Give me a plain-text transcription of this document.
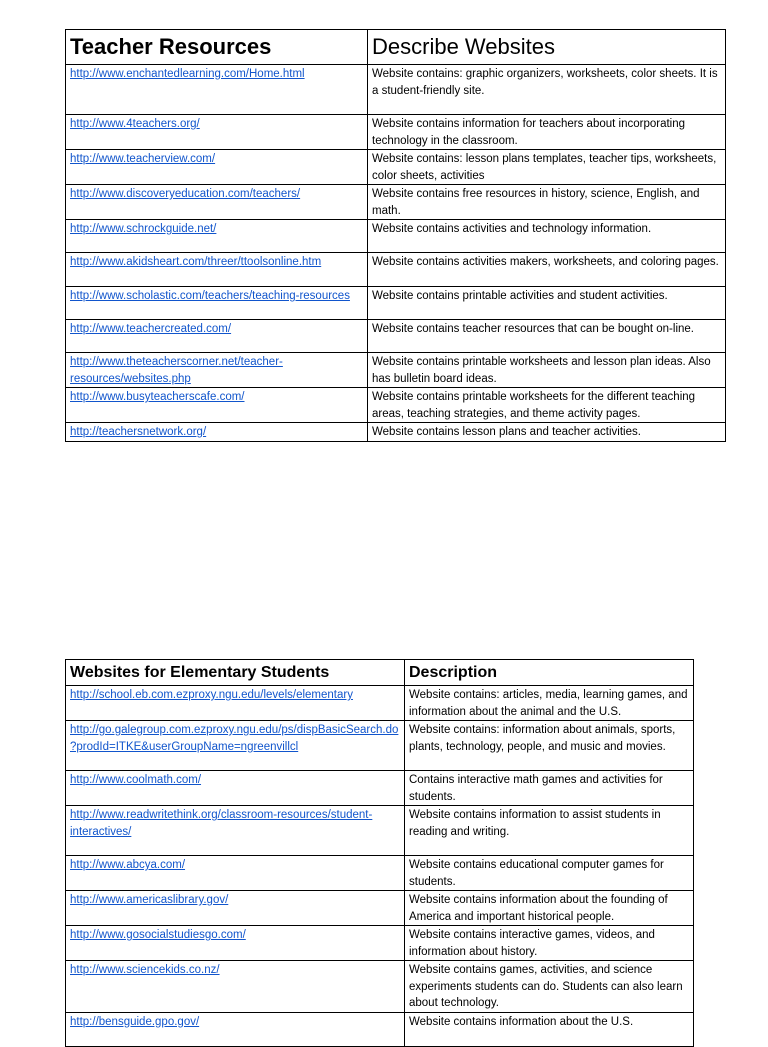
Teacher Resources	Describe Websites
http://www.enchantedlearning.com/Home.html	Website contains: graphic organizers, worksheets, color sheets. It is a student-friendly site.
http://www.4teachers.org/	Website contains information for teachers about incorporating technology in the classroom.
http://www.teacherview.com/	Website contains: lesson plans templates, teacher tips, worksheets, color sheets, activities
http://www.discoveryeducation.com/teachers/	Website contains free resources in history, science, English, and math.
http://www.schrockguide.net/	Website contains activities and technology information.
http://www.akidsheart.com/threer/ttoolsonline.htm	Website contains activities makers, worksheets, and coloring pages.
http://www.scholastic.com/teachers/teaching-resources	Website contains printable activities and student activities.
http://www.teachercreated.com/	Website contains teacher resources that can be bought on-line.
http://www.theteacherscorner.net/teacher-resources/websites.php	Website contains printable worksheets and lesson plan ideas. Also has bulletin board ideas.
http://www.busyteacherscafe.com/	Website contains printable worksheets for the different teaching areas, teaching strategies, and theme activity pages.
http://teachersnetwork.org/	Website contains lesson plans and teacher activities.
Websites for Elementary Students	Description
http://school.eb.com.ezproxy.ngu.edu/levels/elementary	Website contains: articles, media, learning games, and information about the animal and the U.S.
http://go.galegroup.com.ezproxy.ngu.edu/ps/dispBasicSearch.do?prodId=ITKE&userGroupName=ngreenvillcl	Website contains: information about animals, sports, plants, technology, people, and music and movies.
http://www.coolmath.com/	Contains interactive math games and activities for students.
http://www.readwritethink.org/classroom-resources/student-interactives/	Website contains information to assist students in reading and writing.
http://www.abcya.com/	Website contains educational computer games for students.
http://www.americaslibrary.gov/	Website contains information about the founding of America and important historical people.
http://www.gosocialstudiesgo.com/	Website contains interactive games, videos, and information about history.
http://www.sciencekids.co.nz/	Website contains games, activities, and science experiments students can do. Students can also learn about technology.
http://bensguide.gpo.gov/	Website contains information about the U.S.
